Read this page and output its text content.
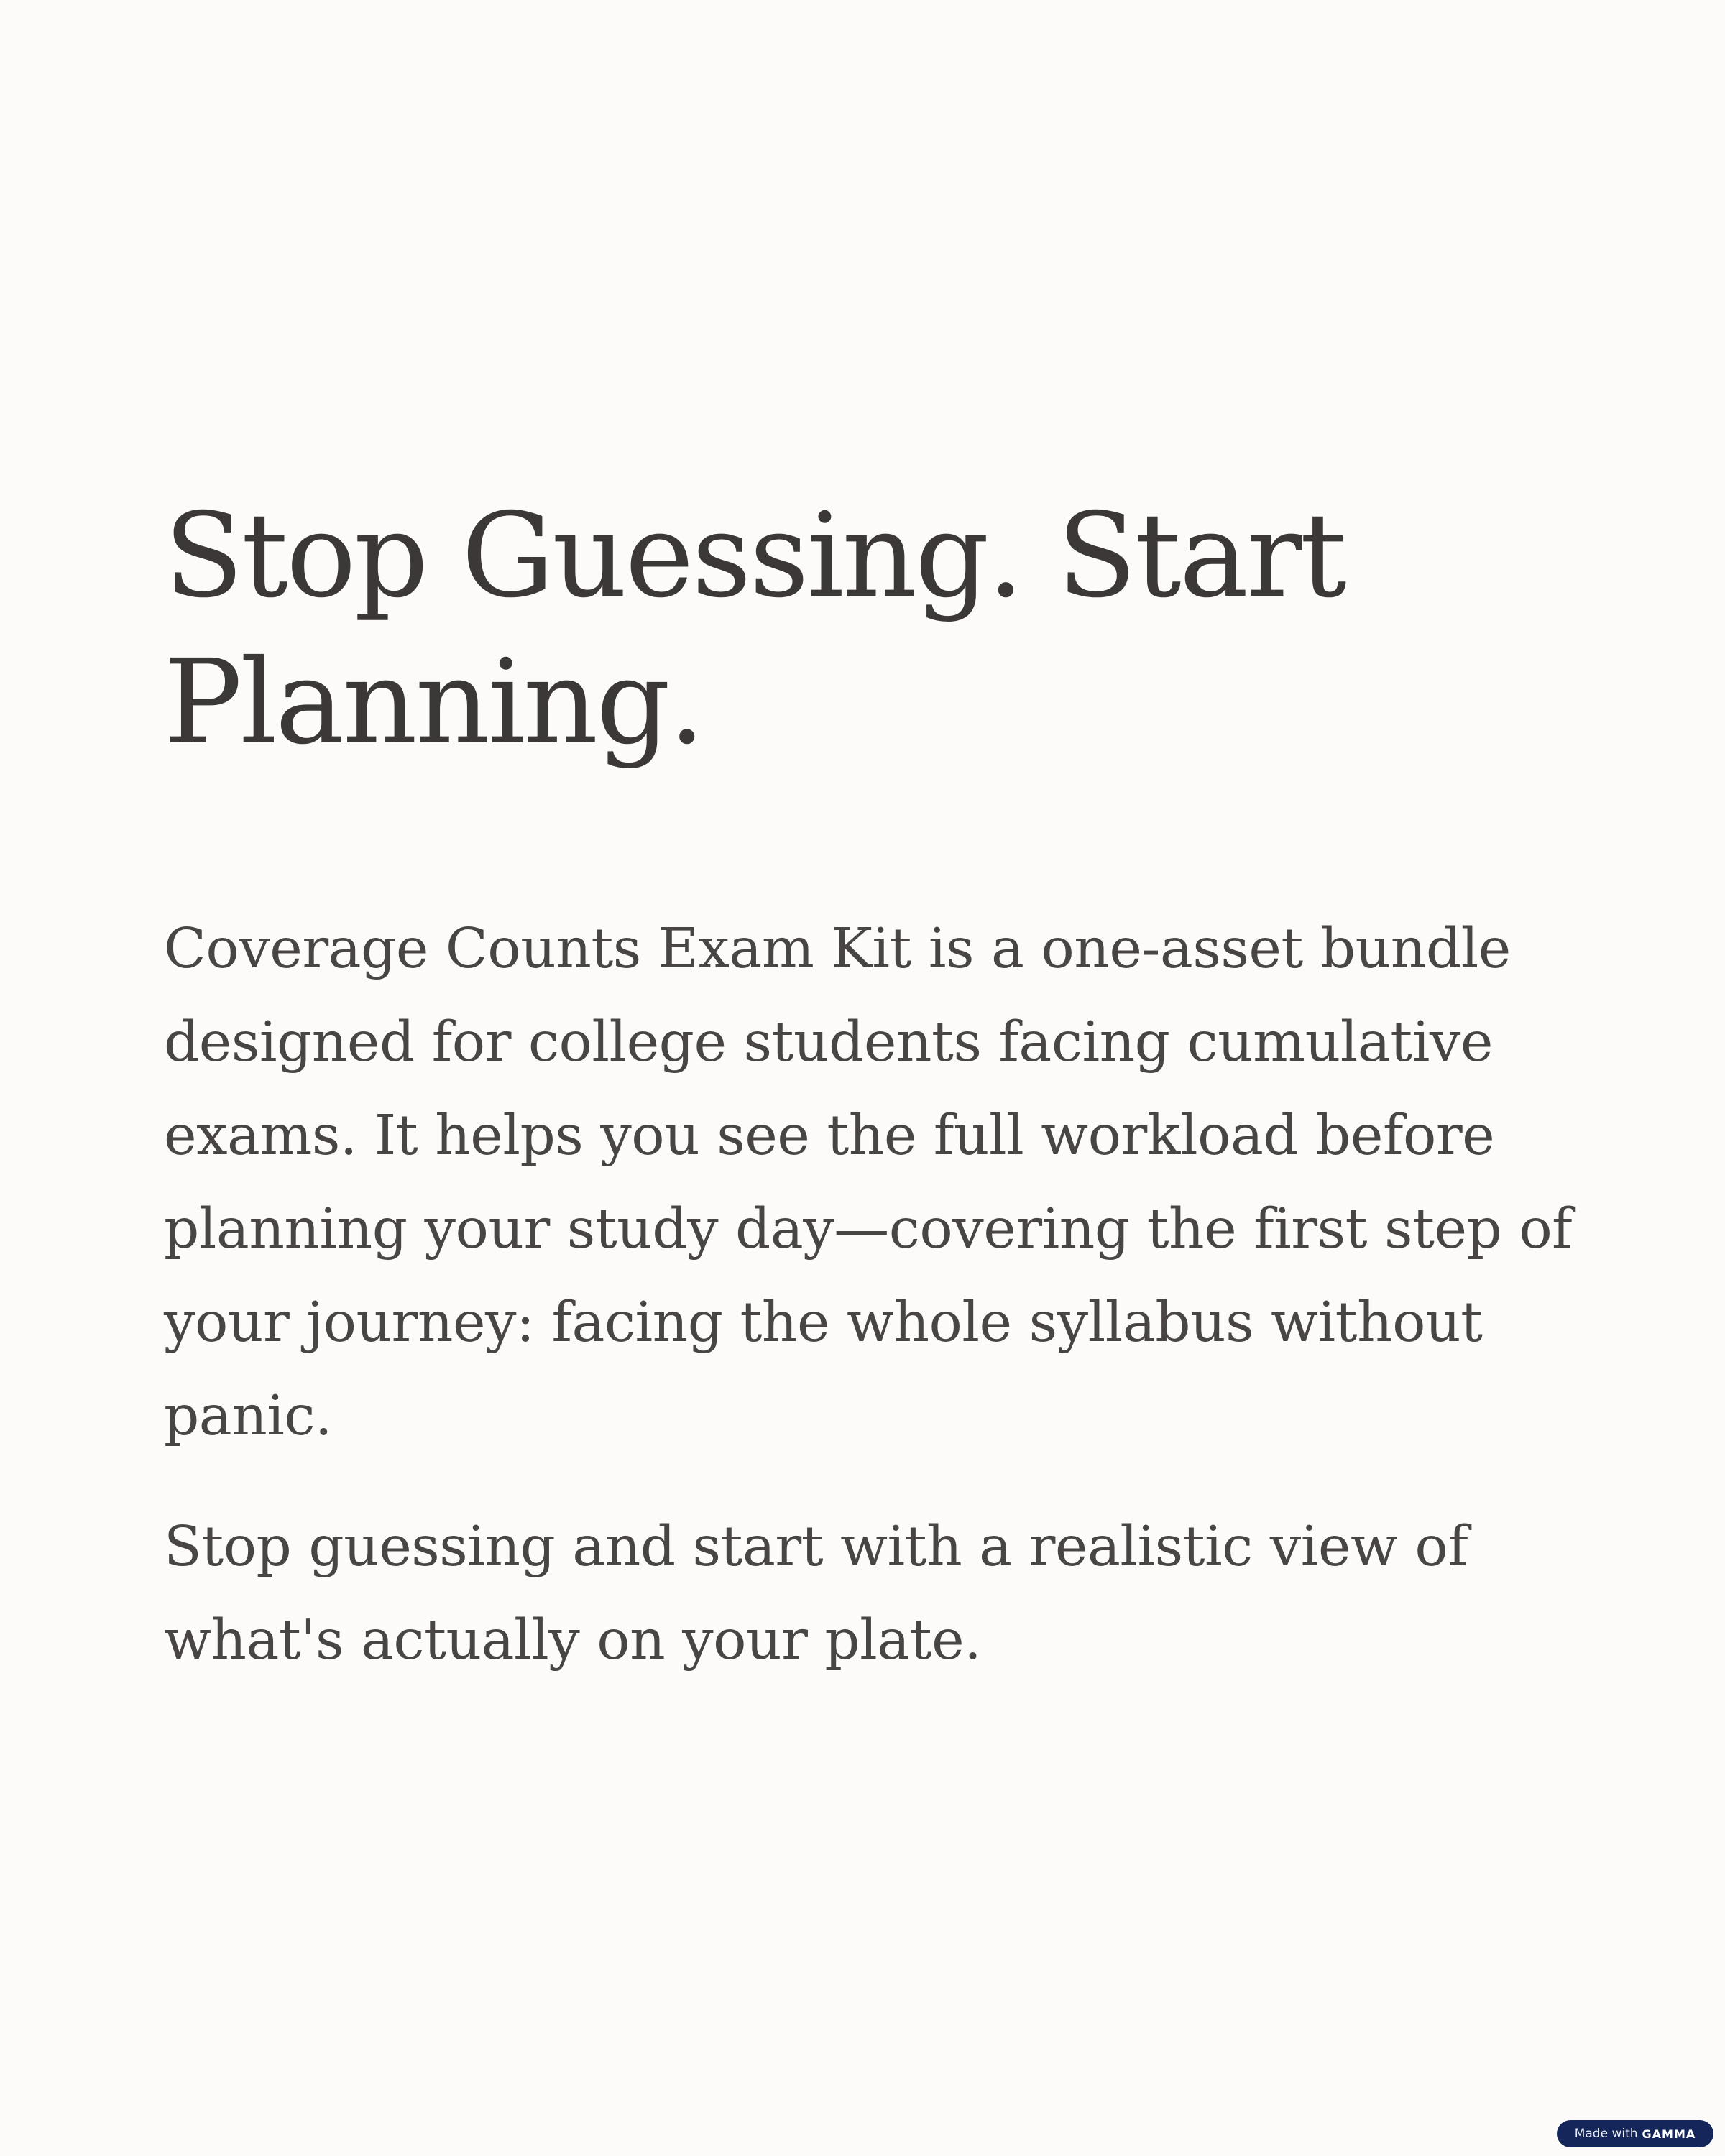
Stop Guessing. Start Planning.

Coverage Counts Exam Kit is a one-asset bundle designed for college students facing cumulative exams. It helps you see the full workload before planning your study day—covering the first step of your journey: facing the whole syllabus without panic.

Stop guessing and start with a realistic view of what's actually on your plate.

Made with GAMMA
